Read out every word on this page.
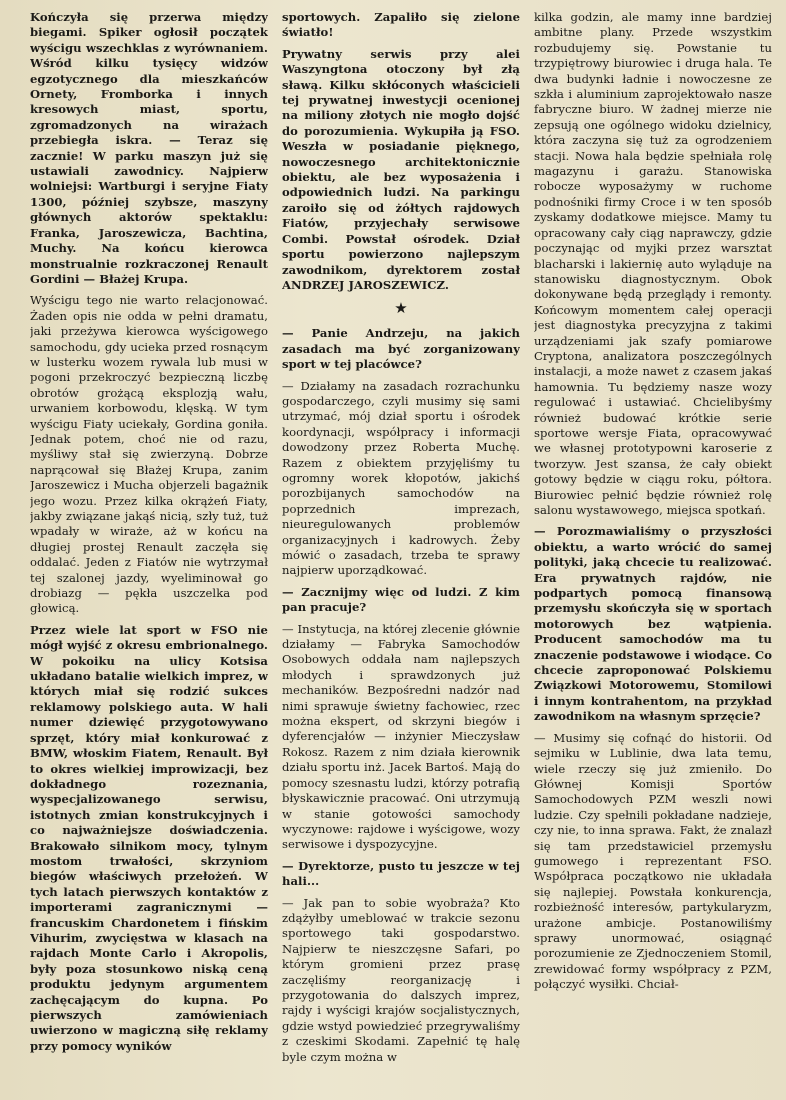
Kończyła się przerwa między biegami. Spiker ogłosił początek wyścigu wszechklas z wyrównaniem. Wśród kilku tysięcy widzów egzotycznego dla mieszkańców Ornety, Fromborka i innych kresowych miast, sportu, zgromadzonych na wirażach przebiegła iskra. — Teraz się zacznie! W parku maszyn już się ustawiali zawodnicy. Najpierw wolniejsi: Wartburgi i seryjne Fiaty 1300, później szybsze, maszyny głównych aktorów spektaklu: Franka, Jaroszewicza, Bachtina, Muchy. Na końcu kierowca monstrualnie rozkraczonej Renault Gordini — Błażej Krupa.

Wyścigu tego nie warto relacjonować. Żaden opis nie odda w pełni dramatu, jaki przeżywa kierowca wyścigowego samochodu, gdy ucieka przed rosnącym w lusterku wozem rywala lub musi w pogoni przekroczyć bezpieczną liczbę obrotów grożącą eksplozją wału, urwaniem korbowodu, klęską. W tym wyścigu Fiaty uciekały, Gordina goniła. Jednak potem, choć nie od razu, myśliwy stał się zwierzyną. Dobrze naprącował się Błażej Krupa, zanim Jaroszewicz i Mucha objerzeli bagażnik jego wozu. Przez kilka okrążeń Fiaty, jakby związane jakąś nicią, szły tuż, tuż wpadały w wiraże, aż w końcu na długiej prostej Renault zaczęła się oddalać. Jeden z Fiatów nie wytrzymał tej szalonej jazdy, wyeliminował go drobiazg — pękła uszczelka pod głowicą.

Przez wiele lat sport w FSO nie mógł wyjść z okresu embrionalnego. W pokoiku na ulicy Kotsisa układano batalie wielkich imprez, w których miał się rodzić sukces reklamowy polskiego auta. W hali numer dziewięć przygotowywano sprzęt, który miał konkurować z BMW, włoskim Fiatem, Renault. Był to okres wielkiej improwizacji, bez dokładnego rozeznania, wyspecjalizowanego serwisu, istotnych zmian konstrukcyjnych i co najważniejsze doświadczenia. Brakowało silnikom mocy, tylnym mostom trwałości, skrzyniom biegów właściwych przełożeń. W tych latach pierwszych kontaktów z importerami zagranicznymi — francuskim Chardonetem i fińskim Vihurim, zwycięstwa w klasach na rajdach Monte Carlo i Akropolis, były poza stosunkowo niską ceną produktu jedynym argumentem zachęcającym do kupna. Po pierwszych zamówieniach uwierzono w magiczną siłę reklamy przy pomocy wyników

sportowych. Zapaliło się zielone światło!

Prywatny serwis przy alei Waszyngtona otoczony był złą sławą. Kilku skłóconych właścicieli tej prywatnej inwestycji ocenionej na miliony złotych nie mogło dojść do porozumienia. Wykupiła ją FSO. Weszła w posiadanie pięknego, nowoczesnego architektonicznie obiektu, ale bez wyposażenia i odpowiednich ludzi. Na parkingu zaroiło się od żółtych rajdowych Fiatów, przyjechały serwisowe Combi. Powstał ośrodek. Dział sportu powierzono najlepszym zawodnikom, dyrektorem został ANDRZEJ JAROSZEWICZ.

★

— Panie Andrzeju, na jakich zasadach ma być zorganizowany sport w tej placówce?

— Działamy na zasadach rozrachunku gospodarczego, czyli musimy się sami utrzymać, mój dział sportu i ośrodek koordynacji, współpracy i informacji dowodzony przez Roberta Muchę. Razem z obiektem przyjęliśmy tu ogromny worek kłopotów, jakichś porozbijanych samochodów na poprzednich imprezach, nieuregulowanych problemów organizacyjnych i kadrowych. Żeby mówić o zasadach, trzeba te sprawy najpierw uporządkować.

— Zacznijmy więc od ludzi. Z kim pan pracuje?

— Instytucja, na której zlecenie głównie działamy — Fabryka Samochodów Osobowych oddała nam najlepszych młodych i sprawdzonych już mechaników. Bezpośredni nadzór nad nimi sprawuje świetny fachowiec, rzec można ekspert, od skrzyni biegów i dyferencjałów — inżynier Mieczysław Rokosz. Razem z nim działa kierownik działu sportu inż. Jacek Bartoś. Mają do pomocy szesnastu ludzi, którzy potrafią błyskawicznie pracować. Oni utrzymują w stanie gotowości samochody wyczynowe: rajdowe i wyścigowe, wozy serwisowe i dyspozycyjne.

— Dyrektorze, pusto tu jeszcze w tej hali...

— Jak pan to sobie wyobraża? Kto zdążyłby umeblować w trakcie sezonu sportowego taki gospodarstwo. Najpierw te nieszczęsne Safari, po którym gromieni przez prasę zaczęliśmy reorganizację i przygotowania do dalszych imprez, rajdy i wyścigi krajów socjalistycznych, gdzie wstyd powiedzieć przegrywaliśmy z czeskimi Skodami. Zapełnić tę halę byle czym można w

kilka godzin, ale mamy inne bardziej ambitne plany. Przede wszystkim rozbudujemy się. Powstanie tu trzypiętrowy biurowiec i druga hala. Te dwa budynki ładnie i nowoczesne ze szkła i aluminium zaprojektowało nasze fabryczne biuro. W żadnej mierze nie zepsują one ogólnego widoku dzielnicy, która zaczyna się tuż za ogrodzeniem stacji. Nowa hala będzie spełniała rolę magazynu i garażu. Stanowiska robocze wyposażymy w ruchome podnośniki firmy Croce i w ten sposób zyskamy dodatkowe miejsce. Mamy tu opracowany cały ciąg naprawczy, gdzie poczynając od myjki przez warsztat blacharski i lakiernię auto wyląduje na stanowisku diagnostycznym. Obok dokonywane będą przeglądy i remonty. Końcowym momentem całej operacji jest diagnostyka precyzyjna z takimi urządzeniami jak szafy pomiarowe Cryptona, analizatora poszczególnych instalacji, a może nawet z czasem jakaś hamownia. Tu będziemy nasze wozy regulować i ustawiać. Chcielibyśmy również budować krótkie serie sportowe wersje Fiata, opracowywać we własnej prototypowni karoserie z tworzyw. Jest szansa, że cały obiekt gotowy będzie w ciągu roku, półtora. Biurowiec pełnić będzie również rolę salonu wystawowego, miejsca spotkań.

— Porozmawialiśmy o przyszłości obiektu, a warto wrócić do samej polityki, jaką chcecie tu realizować. Era prywatnych rajdów, nie podpartych pomocą finansową przemysłu skończyła się w sportach motorowych bez wątpienia. Producent samochodów ma tu znaczenie podstawowe i wiodące. Co chcecie zaproponować Polskiemu Związkowi Motorowemu, Stomilowi i innym kontrahentom, na przykład zawodnikom na własnym sprzęcie?

— Musimy się cofnąć do historii. Od sejmiku w Lublinie, dwa lata temu, wiele rzeczy się już zmieniło. Do Głównej Komisji Sportów Samochodowych PZM weszli nowi ludzie. Czy spełnili pokładane nadzieje, czy nie, to inna sprawa. Fakt, że znalazł się tam przedstawiciel przemysłu gumowego i reprezentant FSO. Współpraca początkowo nie układała się najlepiej. Powstała konkurencja, rozbieżność interesów, partykularyzm, urażone ambicje. Postanowiliśmy sprawy unormować, osiągnąć porozumienie ze Zjednoczeniem Stomil, zrewidować formy współpracy z PZM, połączyć wysiłki. Chciał-
